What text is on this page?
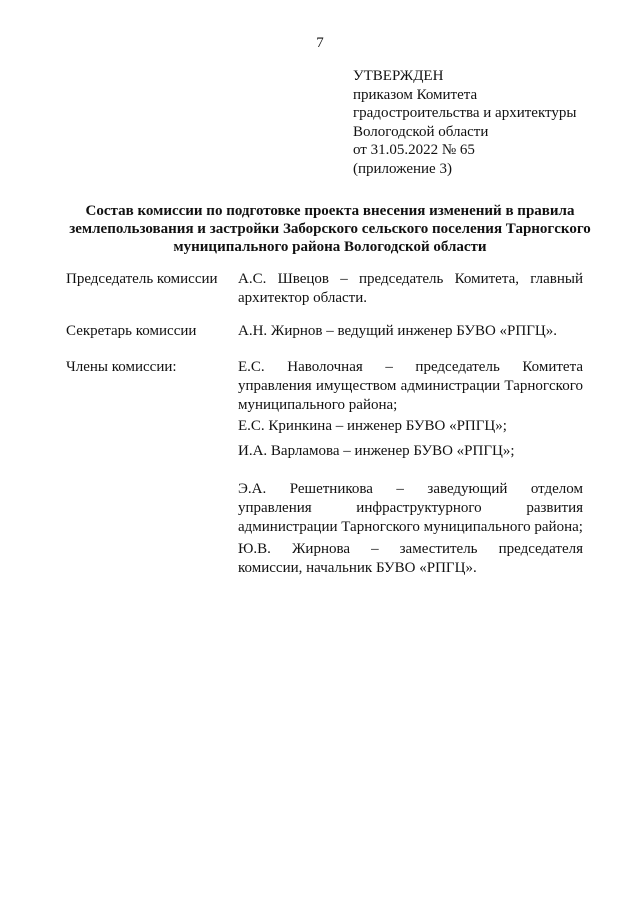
7
УТВЕРЖДЕН
приказом Комитета
градостроительства и архитектуры
Вологодской области
от 31.05.2022 № 65
(приложение 3)
Состав комиссии по подготовке проекта внесения изменений в правила
землепользования и застройки Заборского сельского поселения Тарногского
муниципального района Вологодской области
Председатель комиссии А.С. Швецов – председатель Комитета, главный
архитектор области.
Секретарь комиссии	А.Н. Жирнов – ведущий инженер БУВО «РПГЦ».
Члены комиссии:	Е.С. Наволочная – председатель Комитета
управления имуществом администрации Тарногского
муниципального района;
Е.С. Кринкина – инженер БУВО «РПГЦ»;
И.А. Варламова – инженер БУВО «РПГЦ»;
Э.А. Решетникова – заведующий отделом
управления инфраструктурного развития
администрации Тарногского муниципального района;
Ю.В. Жирнова – заместитель председателя
комиссии, начальник БУВО «РПГЦ».
